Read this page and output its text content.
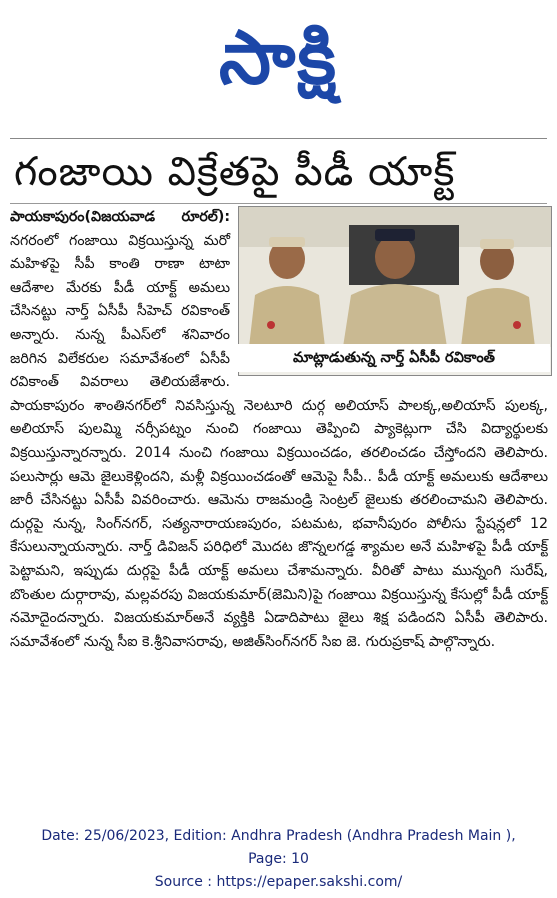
సాక్షి
గంజాయి విక్రేతపై పీడీ యాక్ట్
పాయకాపురం(విజయవాడ రూరల్): నగరంలో గంజాయి విక్రయిస్తున్న మరో మహిళపై సీపీ కాంతి రాణా టాటా ఆదేశాల మేరకు పీడీ యాక్ట్ అమలు చేసినట్టు నార్త్ ఏసీపీ సీహెచ్ రవికాంత్ అన్నారు. నున్న పీఎస్‌లో శనివారం జరిగిన విలేకరుల సమావేశంలో ఏసీపీ రవికాంత్ వివరాలు తెలియజేశారు. పాయకాపురం శాంతినగర్‌లో నివసిస్తున్న నెలటూరి దుర్గ అలియాస్ పాలక్క,అలియాస్ పులక్క, అలియాస్ పులమ్మి నర్సీపట్నం నుంచి గంజాయి తెప్పించి ప్యాకెట్లుగా చేసి విద్యార్థులకు విక్రయిస్తున్నారన్నారు. 2014 నుంచి గంజాయి విక్రయించడం, తరలించడం చేస్తోందని తెలిపారు. పలుసార్లు ఆమె జైలుకెళ్లిందని, మళ్లీ విక్రయించడంతో ఆమెపై సీపీ.. పీడీ యాక్ట్ అమలుకు ఆదేశాలు జారీ చేసినట్టు ఏసీపీ వివరించారు. ఆమెను రాజమండ్రి సెంట్రల్ జైలుకు తరలించామని తెలిపారు. దుర్గపై నున్న, సింగ్‌నగర్, సత్యనారాయణపురం, పటమట, భవానీపురం పోలీసు స్టేషన్లలో 12 కేసులున్నాయన్నారు. నార్త్ డివిజన్ పరిధిలో మొదట జొన్నలగడ్డ శ్యామల అనే మహిళపై పీడీ యాక్ట్ పెట్టామని, ఇప్పుడు దుర్గపై పీడీ యాక్ట్ అమలు చేశామన్నారు. వీరితో పాటు మున్నంగి సురేష్, బొంతుల దుర్గారావు, మల్లవరపు విజయకుమార్(జెమిని)పై గంజాయి విక్రయిస్తున్న కేసుల్లో పీడీ యాక్ట్ నమోదైందన్నారు. విజయకుమార్‌అనే వ్యక్తికి ఏడాదిపాటు జైలు శిక్ష పడిందని ఏసీపీ తెలిపారు. సమావేశంలో నున్న సీఐ కె.శ్రీనివాసరావు, అజిత్‌సింగ్‌నగర్ సిఐ జె. గురుప్రకాష్ పాల్గొన్నారు.
మాట్లాడుతున్న నార్త్ ఏసీపీ రవికాంత్
Date: 25/06/2023, Edition: Andhra Pradesh (Andhra Pradesh Main ),
Page: 10
Source : https://epaper.sakshi.com/
